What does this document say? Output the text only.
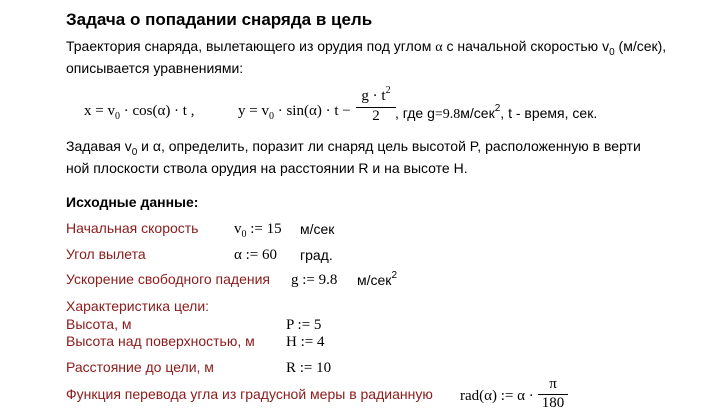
Задача о попадании снаряда в цель
Траектория снаряда, вылетающего из орудия под углом α с начальной скоростью $v_0$ (м/сек),
описывается уравнениями:
$x = v_0 \cdot \cos(\alpha) \cdot t$ ,	$y = v_0 \cdot \sin(\alpha) \cdot t - \frac{g \cdot t^2}{2}$ , где g=9.8м/сек$^2$, t - время, сек.
Задавая $v_0$ и α, определить, поразит ли снаряд цель высотой P, расположенную в верти
ной плоскости ствола орудия на расстоянии R и на высоте H.
Исходные данные:
Начальная скорость $v_0$ := 15 м/сек
Угол вылета	α := 60 град.
Ускорение свободного падения g := 9.8 м/сек$^2$
Характеристика цели:
Высота, м	P := 5
Высота над поверхностью, м H := 4
Расстояние до цели, м	R := 10
Функция перевода угла из градусной меры в радианную rad(α) := $\alpha \cdot \frac{\pi}{180}$
